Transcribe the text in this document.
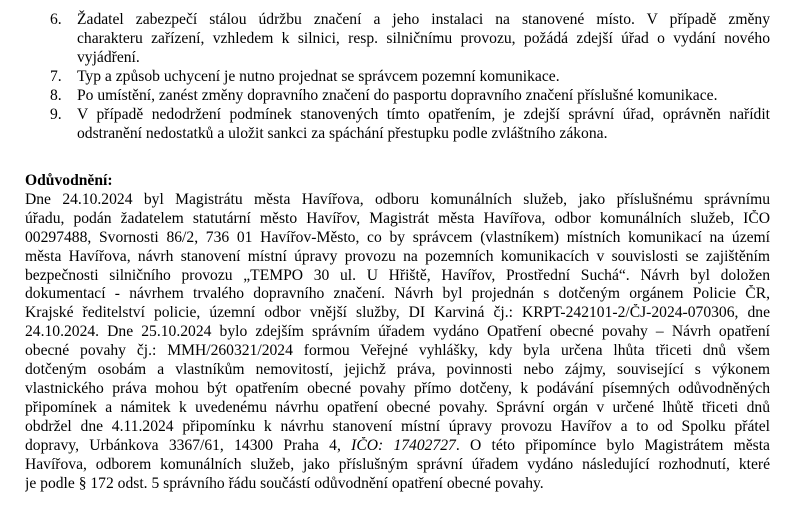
6. Žadatel zabezpečí stálou údržbu značení a jeho instalaci na stanovené místo. V případě změny
charakteru zařízení, vzhledem k silnici, resp. silničnímu provozu, požádá zdejší úřad o vydání nového
vyjádření.
7. Typ a způsob uchycení je nutno projednat se správcem pozemní komunikace.
8. Po umístění, zanést změny dopravního značení do pasportu dopravního značení příslušné komunikace.
9. V případě nedodržení podmínek stanovených tímto opatřením, je zdejší správní úřad, oprávněn nařídit
odstranění nedostatků a uložit sankci za spáchání přestupku podle zvláštního zákona.
Odůvodnění:
Dne 24.10.2024 byl Magistrátu města Havířova, odboru komunálních služeb, jako příslušnému správnímu
úřadu, podán žadatelem statutární město Havířov, Magistrát města Havířova, odbor komunálních služeb, IČO
00297488, Svornosti 86/2, 736 01 Havířov-Město, co by správcem (vlastníkem) místních komunikací na území
města Havířova, návrh stanovení místní úpravy provozu na pozemních komunikacích v souvislosti se zajištěním
bezpečnosti silničního provozu „TEMPO 30 ul. U Hřiště, Havířov, Prostřední Suchá“. Návrh byl doložen
dokumentací - návrhem trvalého dopravního značení. Návrh byl projednán s dotčeným orgánem Policie ČR,
Krajské ředitelství policie, územní odbor vnější služby, DI Karviná čj.: KRPT-242101-2/ČJ-2024-070306, dne
24.10.2024. Dne 25.10.2024 bylo zdejším správním úřadem vydáno Opatření obecné povahy – Návrh opatření
obecné povahy čj.: MMH/260321/2024 formou Veřejné vyhlášky, kdy byla určena lhůta třiceti dnů všem
dotčeným osobám a vlastníkům nemovitostí, jejichž práva, povinnosti nebo zájmy, související s výkonem
vlastnického práva mohou být opatřením obecné povahy přímo dotčeny, k podávání písemných odůvodněných
připomínek a námitek k uvedenému návrhu opatření obecné povahy. Správní orgán v určené lhůtě třiceti dnů
obdržel dne 4.11.2024 připomínku k návrhu stanovení místní úpravy provozu Havířov a to od Spolku přátel
dopravy, Urbánkova 3367/61, 14300 Praha 4, IČO: 17402727. O této připomínce bylo Magistrátem města
Havířova, odborem komunálních služeb, jako příslušným správní úřadem vydáno následující rozhodnutí, které
je podle § 172 odst. 5 správního řádu součástí odůvodnění opatření obecné povahy.
